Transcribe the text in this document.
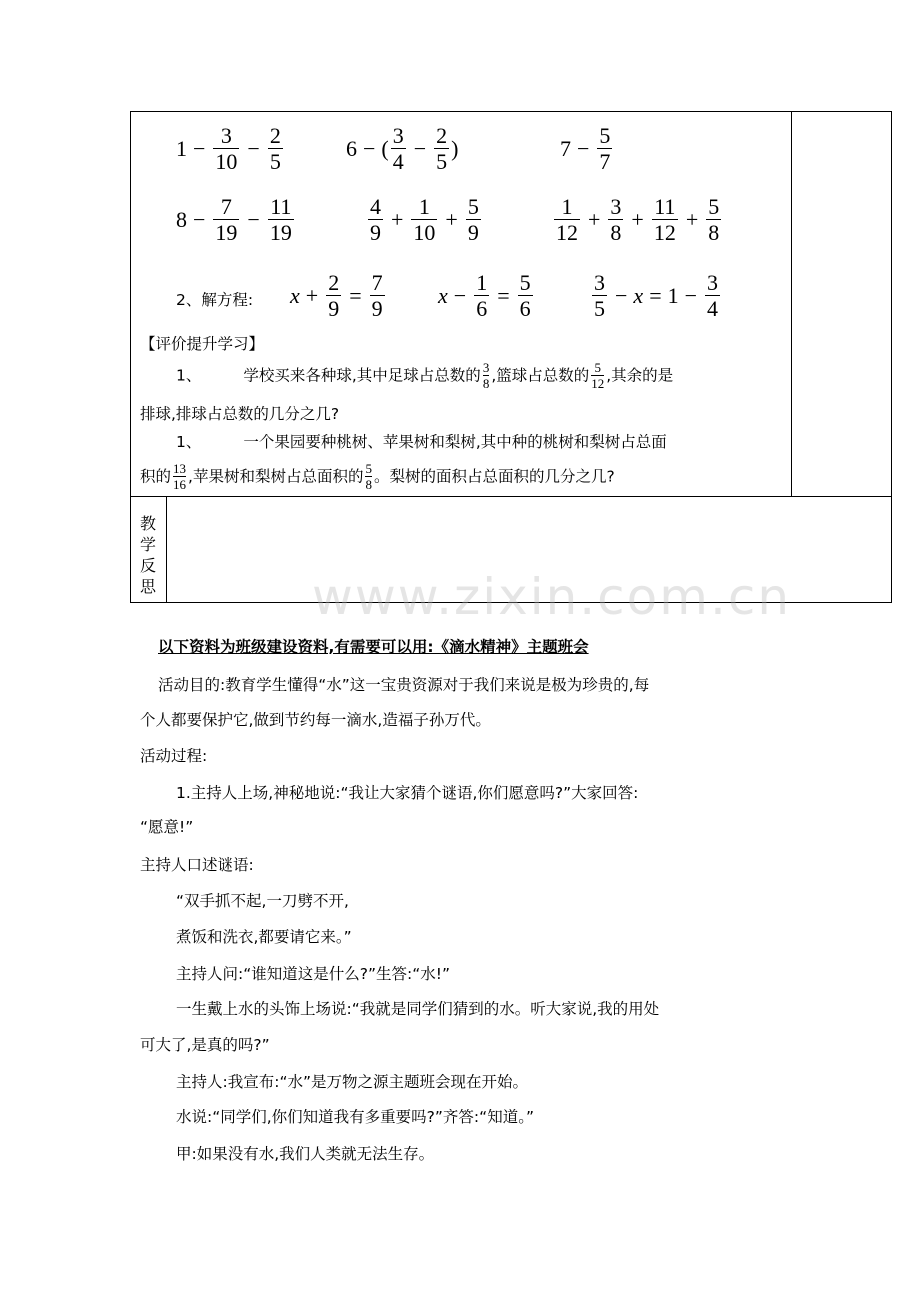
$1 - \frac{3}{10} - \frac{2}{5}$	6 − ( $\frac{3}{4} - \frac{2}{5}$ )	$7 - \frac{5}{7}$
$8 - \frac{7}{19} - \frac{11}{19}$	$\frac{4}{9} + \frac{1}{10} + \frac{5}{9}$	$\frac{1}{12} + \frac{3}{8} + \frac{11}{12} + \frac{5}{8}$
2、解方程: $x + \frac{2}{9} = \frac{7}{9}$ $x - \frac{1}{6} = \frac{5}{6}$	$\frac{3}{5} - x = 1 - \frac{3}{4}$
【评价提升学习】
1、	学校买来各种球,其中足球占总数的 $\frac{3}{8}$ ,篮球占总数的 $\frac{5}{12}$ ,其余的是
排球,排球占总数的几分之几?
1、	一个果园要种桃树、苹果树和梨树,其中种的桃树和梨树占总面
积的 $\frac{13}{16}$ ,苹果树和梨树占总面积的 $\frac{5}{8}$ 。梨树的面积占总面积的几分之几?
教
学
反
思	www.zixin.com.cn
以下资料为班级建设资料,有需要可以用:《滴水精神》主题班会
活动目的:教育学生懂得“水”这一宝贵资源对于我们来说是极为珍贵的,每
个人都要保护它,做到节约每一滴水,造福子孙万代。
活动过程:
1.主持人上场,神秘地说:“我让大家猜个谜语,你们愿意吗?”大家回答:
“愿意!”
主持人口述谜语:
“双手抓不起,一刀劈不开,
煮饭和洗衣,都要请它来。”
主持人问:“谁知道这是什么?”生答:“水!”
一生戴上水的头饰上场说:“我就是同学们猜到的水。听大家说,我的用处
可大了,是真的吗?”
主持人:我宣布:“水”是万物之源主题班会现在开始。
水说:“同学们,你们知道我有多重要吗?”齐答:“知道。”
甲:如果没有水,我们人类就无法生存。
